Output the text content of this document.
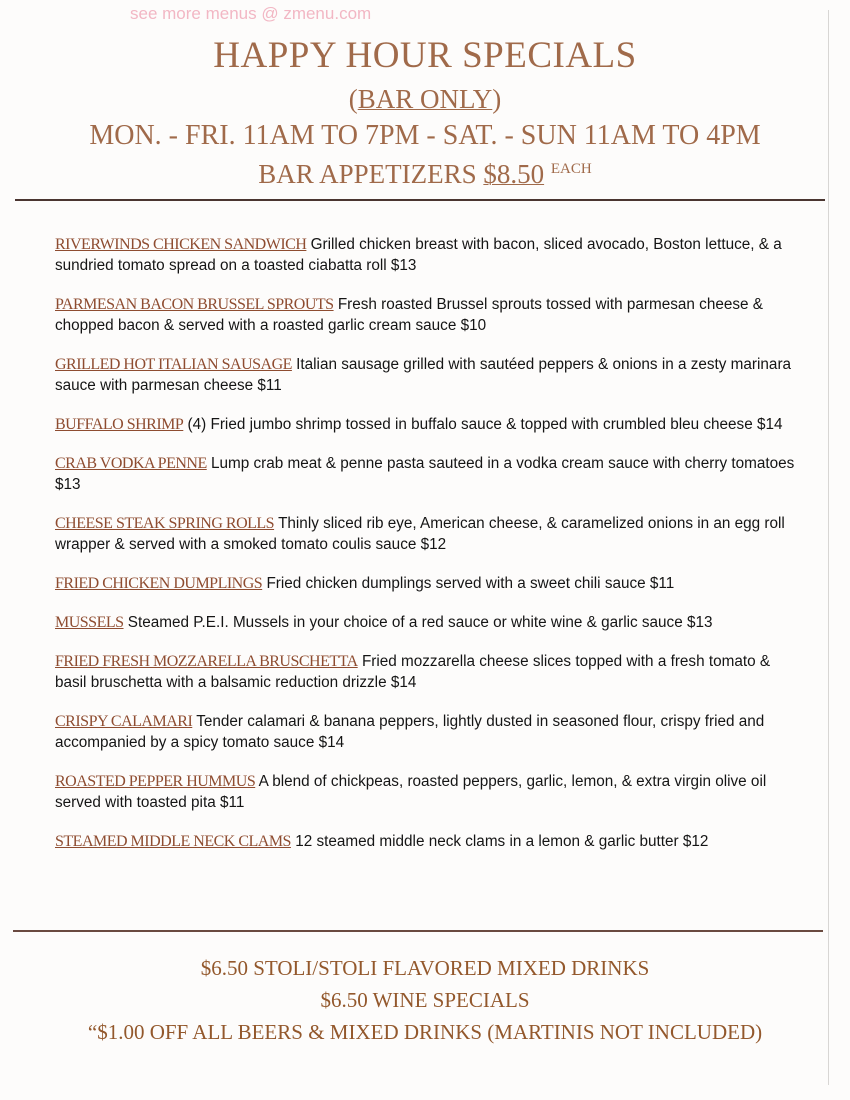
see more menus @ zmenu.com
HAPPY HOUR SPECIALS
(BAR ONLY)
MON. - FRI. 11AM TO 7PM - SAT. - SUN 11AM TO 4PM
BAR APPETIZERS $8.50 $^{EACH}$
RIVERWINDS CHICKEN SANDWICH Grilled chicken breast with bacon, sliced avocado, Boston lettuce, & a sundried tomato spread on a toasted ciabatta roll $13
PARMESAN BACON BRUSSEL SPROUTS Fresh roasted Brussel sprouts tossed with parmesan cheese & chopped bacon & served with a roasted garlic cream sauce $10
GRILLED HOT ITALIAN SAUSAGE Italian sausage grilled with sautéed peppers & onions in a zesty marinara sauce with parmesan cheese $11
BUFFALO SHRIMP (4) Fried jumbo shrimp tossed in buffalo sauce & topped with crumbled bleu cheese $14
CRAB VODKA PENNE Lump crab meat & penne pasta sauteed in a vodka cream sauce with cherry tomatoes $13
CHEESE STEAK SPRING ROLLS Thinly sliced rib eye, American cheese, & caramelized onions in an egg roll wrapper & served with a smoked tomato coulis sauce $12
FRIED CHICKEN DUMPLINGS Fried chicken dumplings served with a sweet chili sauce $11
MUSSELS Steamed P.E.I. Mussels in your choice of a red sauce or white wine & garlic sauce $13
FRIED FRESH MOZZARELLA BRUSCHETTA Fried mozzarella cheese slices topped with a fresh tomato & basil bruschetta with a balsamic reduction drizzle $14
CRISPY CALAMARI Tender calamari & banana peppers, lightly dusted in seasoned flour, crispy fried and accompanied by a spicy tomato sauce $14
ROASTED PEPPER HUMMUS A blend of chickpeas, roasted peppers, garlic, lemon, & extra virgin olive oil served with toasted pita $11
STEAMED MIDDLE NECK CLAMS 12 steamed middle neck clams in a lemon & garlic butter $12
$6.50 STOLI/STOLI FLAVORED MIXED DRINKS
$6.50 WINE SPECIALS
“$1.00 OFF ALL BEERS & MIXED DRINKS (MARTINIS NOT INCLUDED)
